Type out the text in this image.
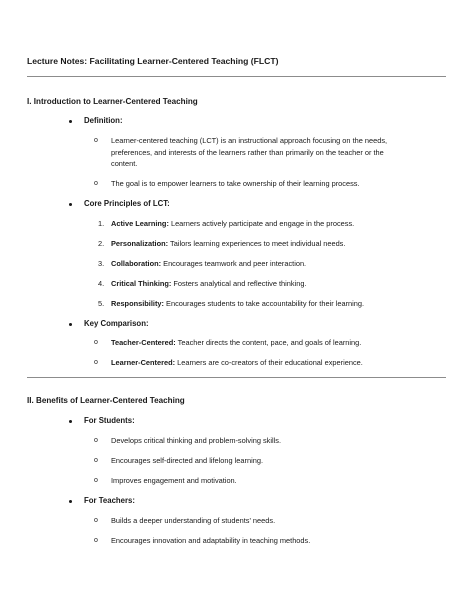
Lecture Notes: Facilitating Learner-Centered Teaching (FLCT)
I. Introduction to Learner-Centered Teaching
Definition:
o Learner-centered teaching (LCT) is an instructional approach focusing on the needs,
preferences, and interests of the learners rather than primarily on the teacher or the
content.
o The goal is to empower learners to take ownership of their learning process.
Core Principles of LCT:
1. Active Learning: Learners actively participate and engage in the process.
2. Personalization: Tailors learning experiences to meet individual needs.
3. Collaboration: Encourages teamwork and peer interaction.
4. Critical Thinking: Fosters analytical and reflective thinking.
5. Responsibility: Encourages students to take accountability for their learning.
Key Comparison:
o Teacher-Centered: Teacher directs the content, pace, and goals of learning.
o Learner-Centered: Learners are co-creators of their educational experience.
II. Benefits of Learner-Centered Teaching
For Students:
o Develops critical thinking and problem-solving skills.
o Encourages self-directed and lifelong learning.
o Improves engagement and motivation.
For Teachers:
o Builds a deeper understanding of students' needs.
o Encourages innovation and adaptability in teaching methods.
